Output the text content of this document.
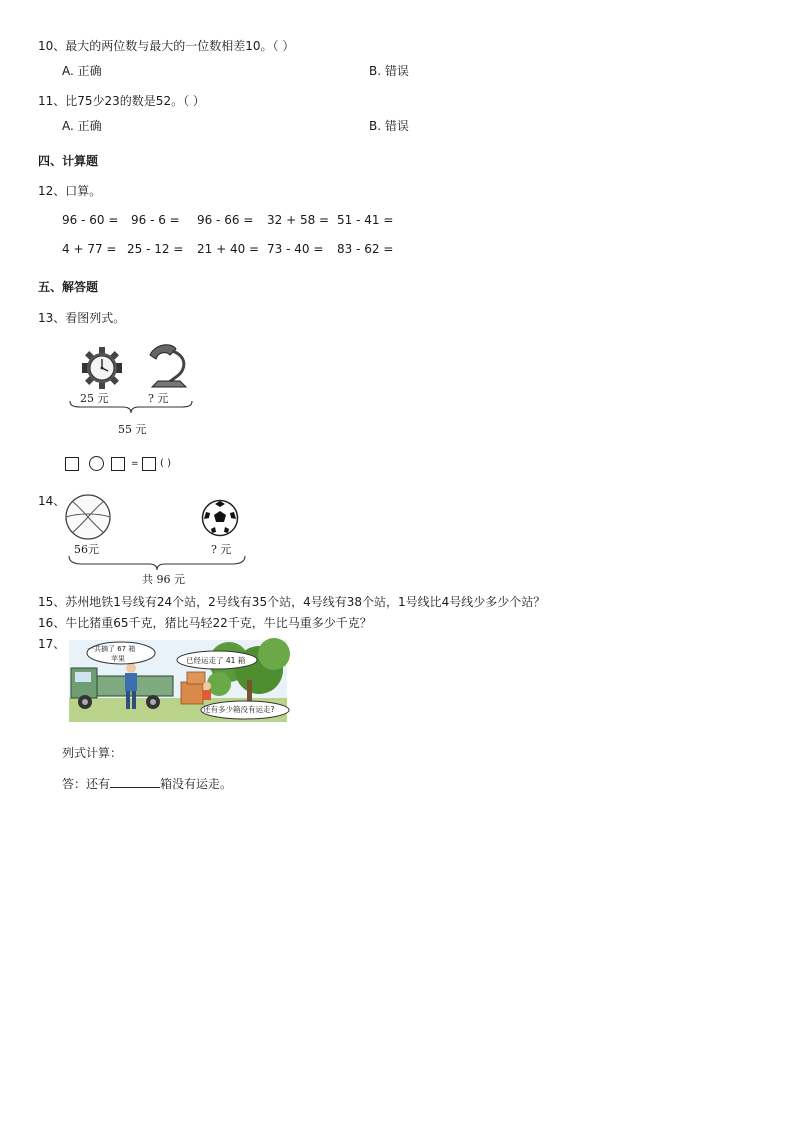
10、最大的两位数与最大的一位数相差10。（ ）
A. 正确	B. 错误
11、比75少23的数是52。（ ）
A. 正确	B. 错误
四、计算题
12、口算。
96 - 60 = 96 - 6 = 96 - 66 = 32 + 58 = 51 - 41 =
4 + 77 = 25 - 12 = 21 + 40 = 73 - 40 = 83 - 62 =
五、解答题
13、看图列式。
25 元	? 元
55 元
= ( )
14、
56元	? 元
共 96 元
15、苏州地铁1号线有24个站，2号线有35个站，4号线有38个站，1号线比4号线少多少个站？
16、牛比猪重65千克，猪比马轻22千克，牛比马重多少千克？
17、	一共摘了 67 箱
苹果	已经运走了 41 箱
还有多少箱没有运走?
列式计算：
答：还有	箱没有运走。
